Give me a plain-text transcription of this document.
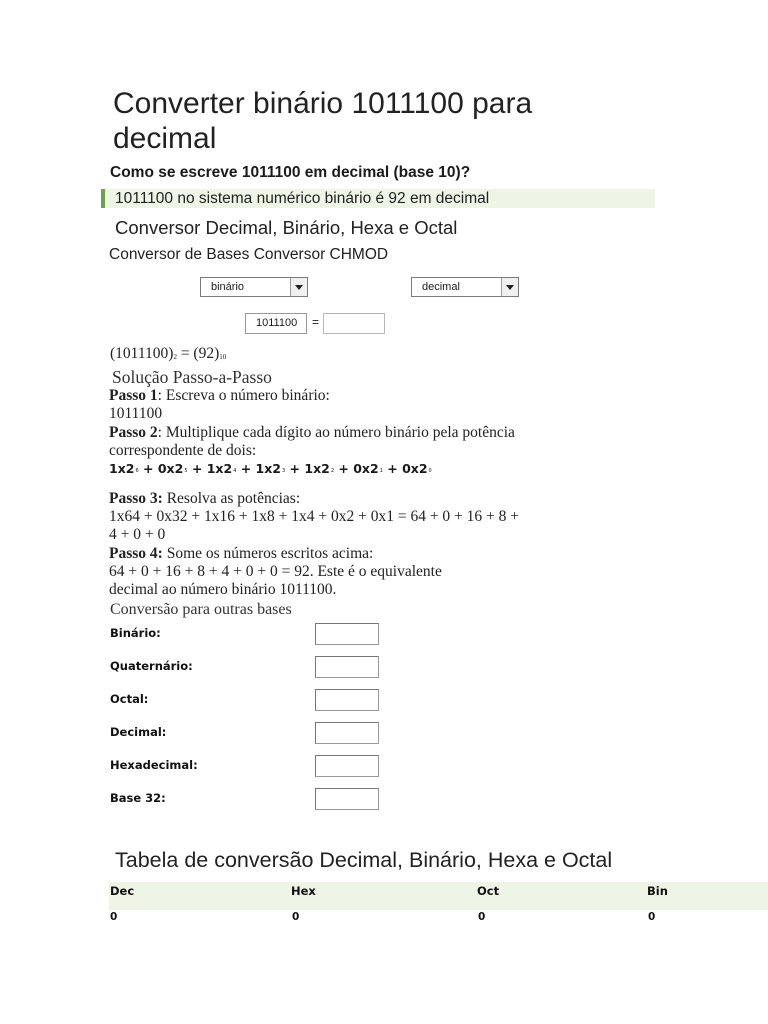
Converter binário 1011100 para decimal
Como se escreve 1011100 em decimal (base 10)?
1011100 no sistema numérico binário é 92 em decimal
Conversor Decimal, Binário, Hexa e Octal
Conversor de Bases Conversor CHMOD
binário	decimal
1011100	=
$(1011100)_2 = (92)_{10}$
Solução Passo-a-Passo
Passo 1: Escreva o número binário:
1011100
Passo 2: Multiplique cada dígito ao número binário pela potência correspondente de dois:
$1x2^6 + 0x2^5 + 1x2^4 + 1x2^3 + 1x2^2 + 0x2^1 + 0x2^0$
Passo 3: Resolva as potências:
1x64 + 0x32 + 1x16 + 1x8 + 1x4 + 0x2 + 0x1 = 64 + 0 + 16 + 8 + 4 + 0 + 0
Passo 4: Some os números escritos acima:
64 + 0 + 16 + 8 + 4 + 0 + 0 = 92. Este é o equivalente decimal ao número binário 1011100.
Conversão para outras bases
Binário:
Quaternário:
Octal:
Decimal:
Hexadecimal:
Base 32:
Tabela de conversão Decimal, Binário, Hexa e Octal
Dec	Hex	Oct	Bin
0	0	0	0
